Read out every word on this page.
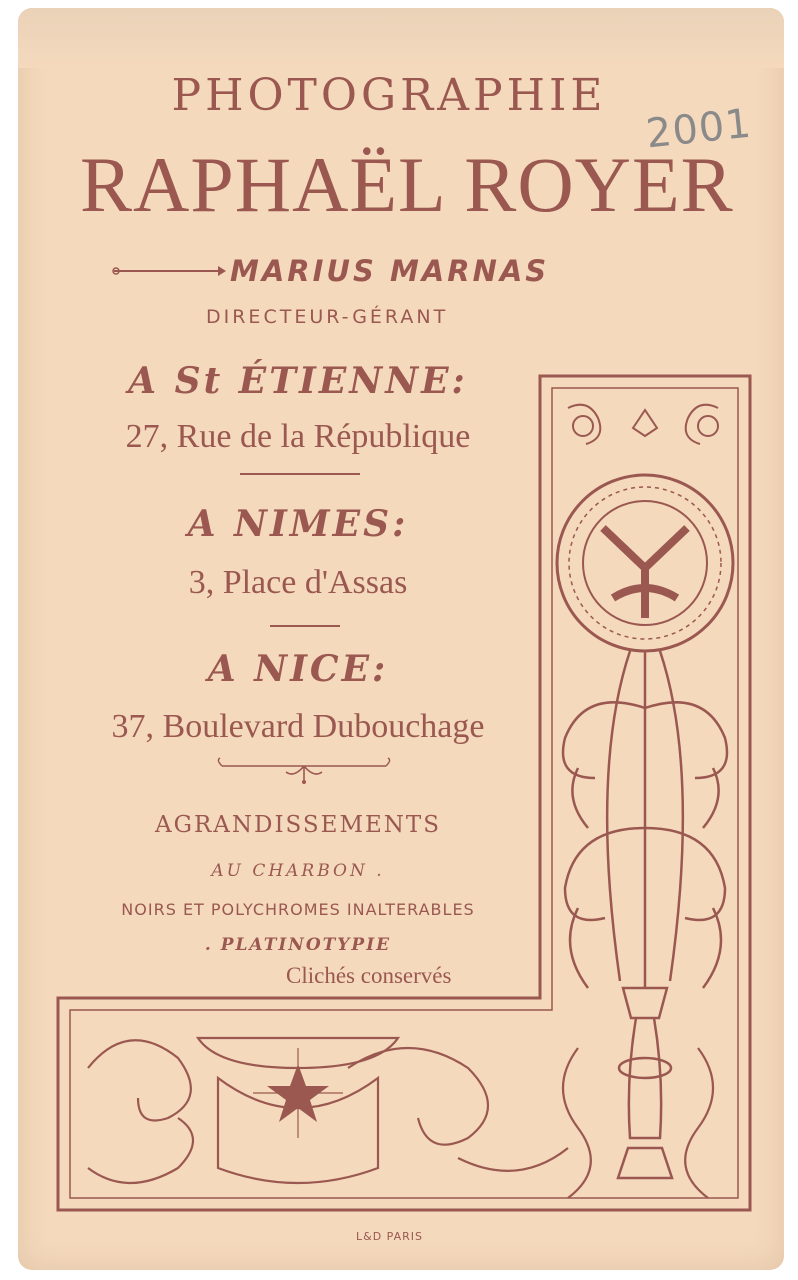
2001
PHOTOGRAPHIE
RAPHAËL ROYER
MARIUS MARNAS
DIRECTEUR-GÉRANT
A St ÉTIENNE:
27, Rue de la République
A NIMES:
3, Place d'Assas
A NICE:
37, Boulevard Dubouchage
AGRANDISSEMENTS
AU CHARBON .
NOIRS ET POLYCHROMES INALTERABLES
. PLATINOTYPIE
Clichés conservés
L&D PARIS
